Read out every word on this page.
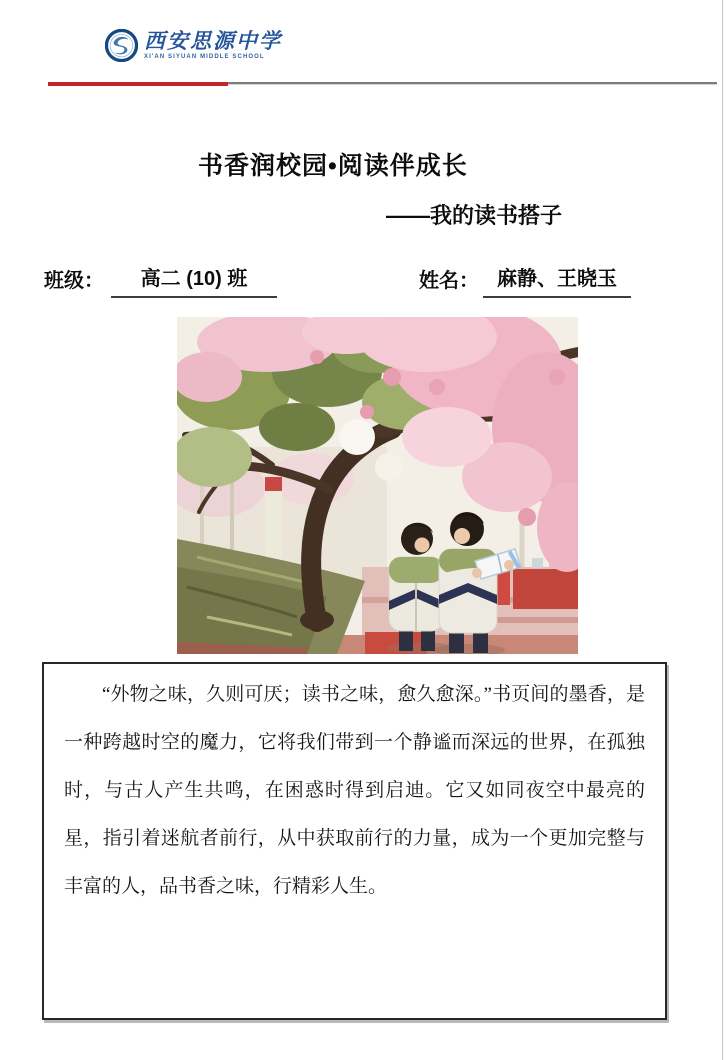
西安思源中学
XI'AN SIYUAN MIDDLE SCHOOL
书香润校园•阅读伴成长
——我的读书搭子
班级：	高二 (10) 班	姓名： 麻静、王晓玉

“外物之味，久则可厌；读书之味，愈久愈深。”书页间的墨香，是一种跨越时空的魔力，它将我们带到一个静谧而深远的世界，在孤独时，与古人产生共鸣，在困惑时得到启迪。它又如同夜空中最亮的星，指引着迷航者前行，从中获取前行的力量，成为一个更加完整与丰富的人，品书香之味，行精彩人生。
